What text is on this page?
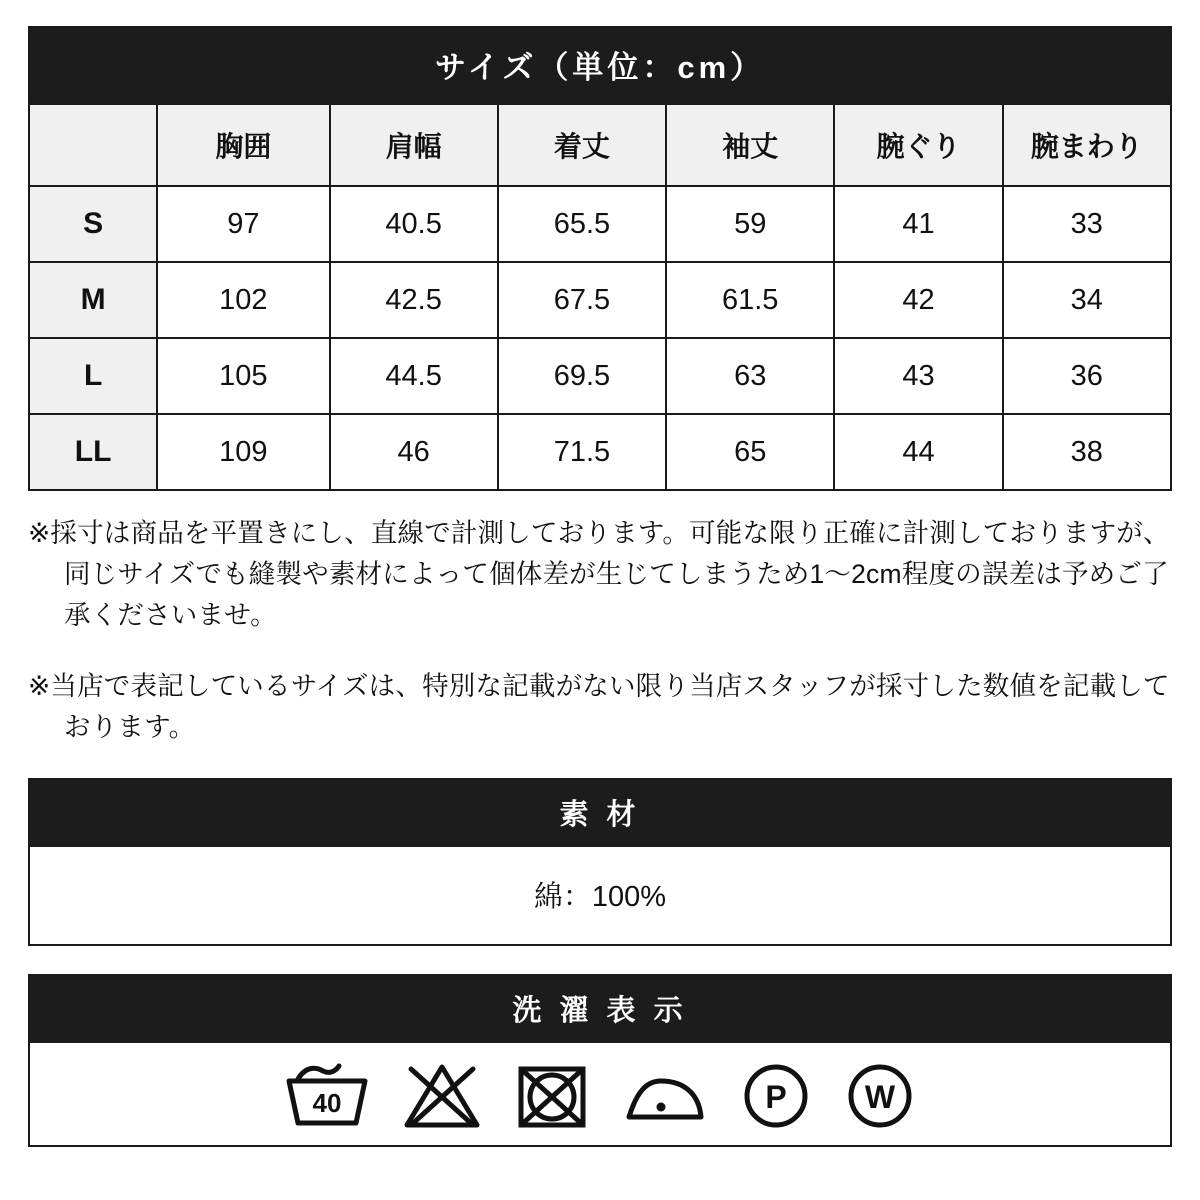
サイズ（単位：cm）						
	胸囲	肩幅	着丈	袖丈	腕ぐり	腕まわり
S	97	40.5	65.5	59	41	33
M	102	42.5	67.5	61.5	42	34
L	105	44.5	69.5	63	43	36
LL	109	46	71.5	65	44	38

※採寸は商品を平置きにし、直線で計測しております。可能な限り正確に計測しておりますが、同じサイズでも縫製や素材によって個体差が生じてしまうため1〜2cm程度の誤差は予めご了承くださいませ。

※当店で表記しているサイズは、特別な記載がない限り当店スタッフが採寸した数値を記載しております。

素 材
綿：100%
洗 濯 表 示
40	P W
